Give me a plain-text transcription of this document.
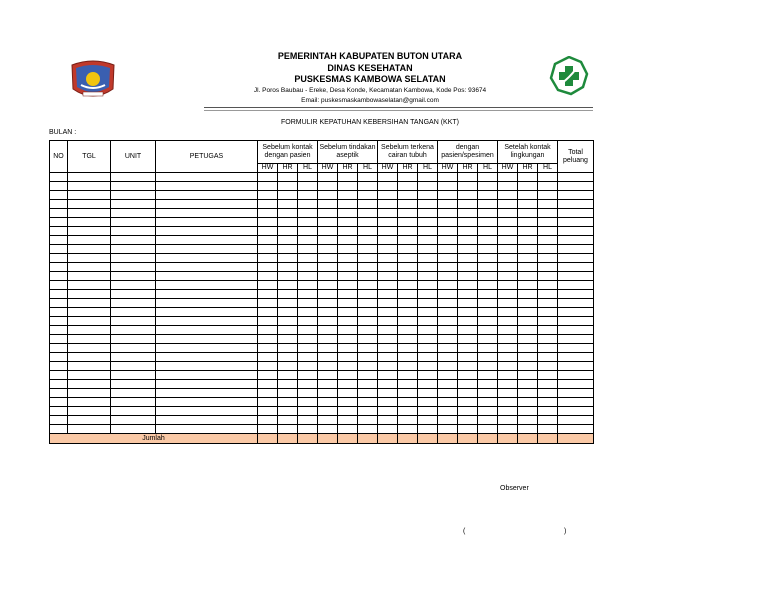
PEMERINTAH KABUPATEN BUTON UTARA
DINAS KESEHATAN
PUSKESMAS KAMBOWA SELATAN
Jl. Poros Baubau - Ereke, Desa Konde, Kecamatan Kambowa, Kode Pos: 93674
Email: puskesmaskambowaselatan@gmail.com
FORMULIR KEPATUHAN KEBERSIHAN TANGAN (KKT)
BULAN :
NO	TGL	UNIT	PETUGAS	Sebelum kontak dengan pasien			Sebelum tindakan aseptik			Sebelum terkena cairan tubuh			dengan pasien/spesimen			Setelah kontak lingkungan			Total peluang
				HW	HR	HL	HW	HR	HL	HW	HR	HL	HW	HR	HL	HW	HR	HL	

Jumlah																			
Observer
(	)
